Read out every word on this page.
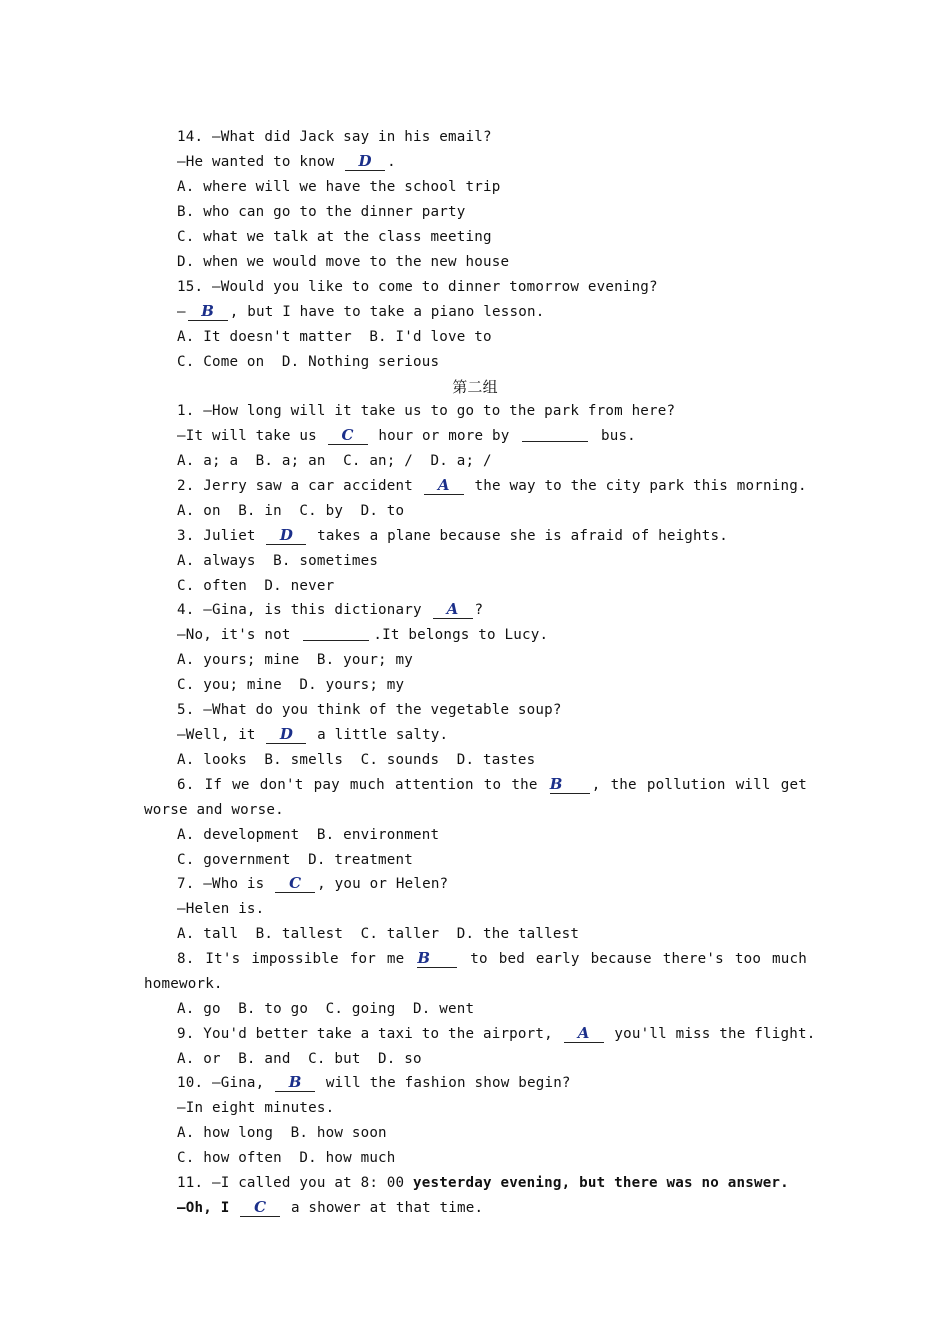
14. —What did Jack say in his email?
—He wanted to know D .
A. where will we have the school trip
B. who can go to the dinner party
C. what we talk at the class meeting
D. when we would move to the new house
15. —Would you like to come to dinner tomorrow evening?
— B , but I have to take a piano lesson.
A. It doesn't matter  B. I'd love to
C. Come on  D. Nothing serious
第二组
1. —How long will it take us to go to the park from here?
—It will take us C hour or more by	bus.
A. a; a  B. a; an  C. an; /  D. a; /
2. Jerry saw a car accident A the way to the city park this morning.
A. on  B. in  C. by  D. to
3. Juliet D takes a plane because she is afraid of heights.
A. always  B. sometimes
C. often  D. never
4. —Gina, is this dictionary A ?
—No, it's not	.It belongs to Lucy.
A. yours; mine  B. your; my
C. you; mine  D. yours; my
5. —What do you think of the vegetable soup?
—Well, it D a little salty.
A. looks  B. smells  C. sounds  D. tastes
6. If we don't pay much attention to the B , the pollution will get
worse and worse.
A. development  B. environment
C. government  D. treatment
7. —Who is C , you or Helen?
—Helen is.
A. tall  B. tallest  C. taller  D. the tallest
8. It's impossible for me B to bed early because there's too much
homework.
A. go  B. to go  C. going  D. went
9. You'd better take a taxi to the airport, A you'll miss the flight.
A. or  B. and  C. but  D. so
10. —Gina, B will the fashion show begin?
—In eight minutes.
A. how long  B. how soon
C. how often  D. how much
11. —I called you at 8: 00 yesterday evening, but there was no answer.
—Oh, I C a shower at that time.
